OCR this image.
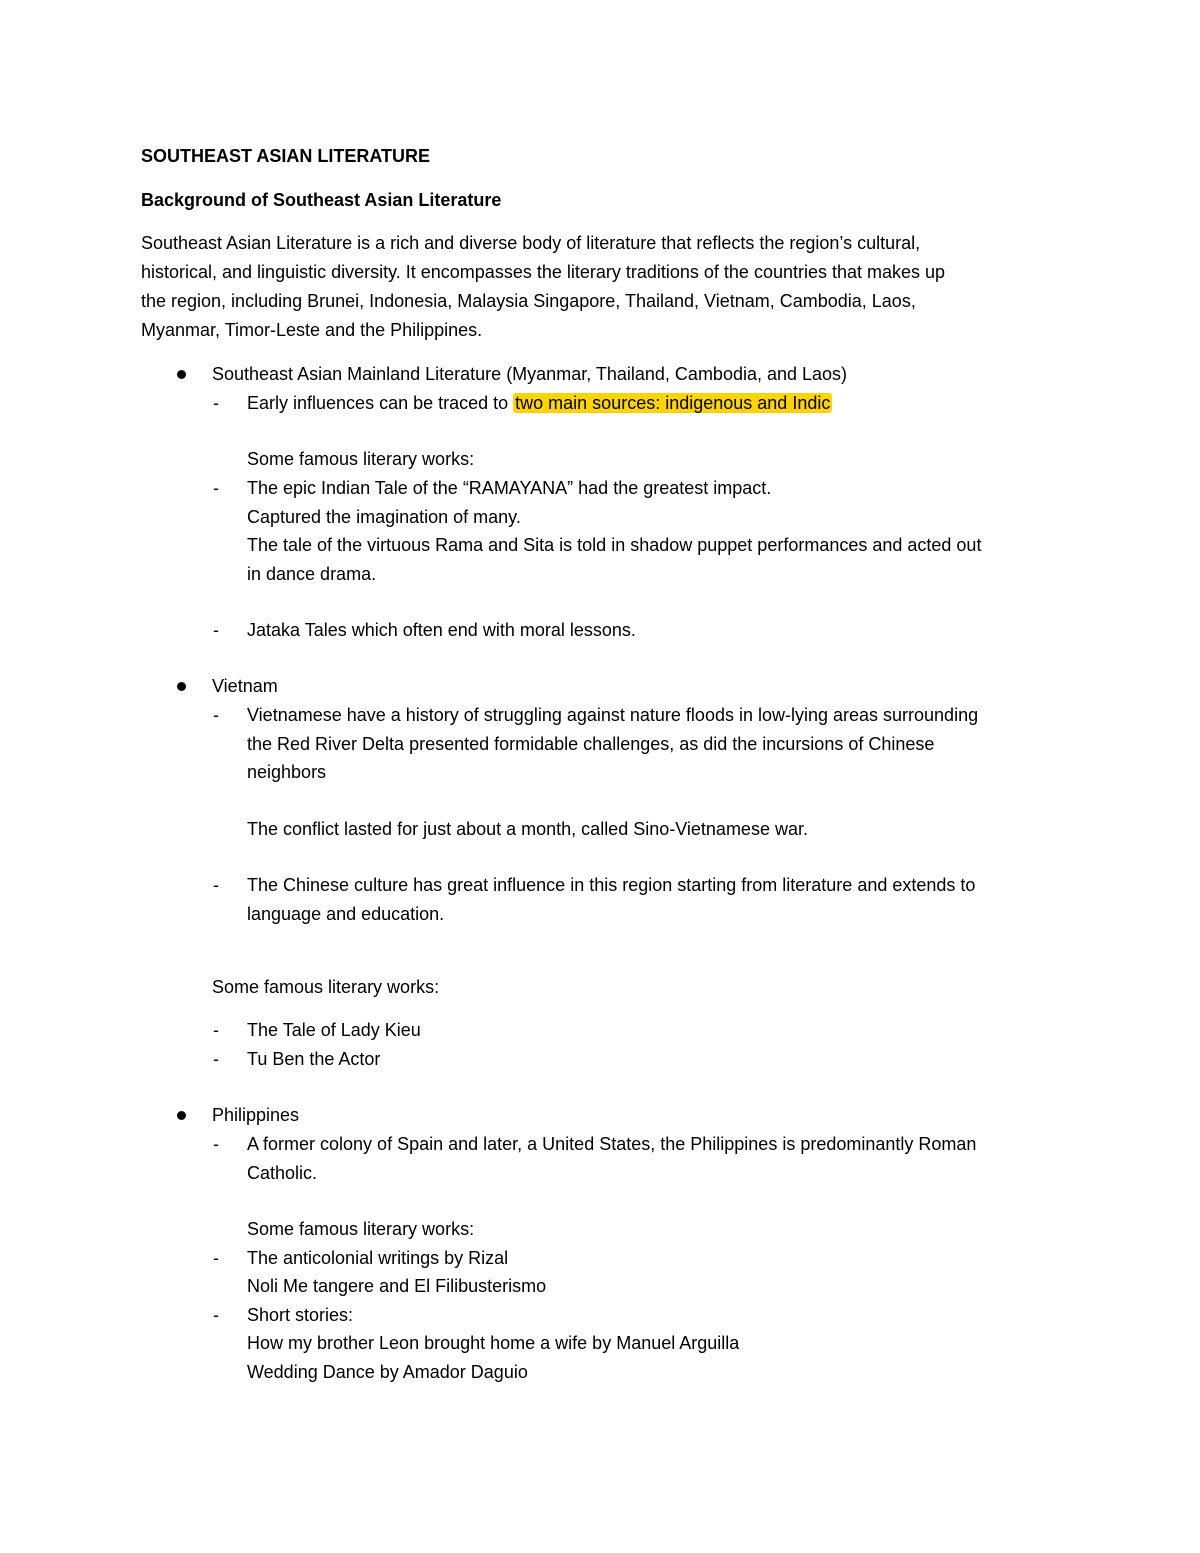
SOUTHEAST ASIAN LITERATURE
Background of Southeast Asian Literature
Southeast Asian Literature is a rich and diverse body of literature that reflects the region’s cultural,
historical, and linguistic diversity. It encompasses the literary traditions of the countries that makes up
the region, including Brunei, Indonesia, Malaysia Singapore, Thailand, Vietnam, Cambodia, Laos,
Myanmar, Timor-Leste and the Philippines.
Southeast Asian Mainland Literature (Myanmar, Thailand, Cambodia, and Laos)
- Early influences can be traced to two main sources: indigenous and Indic
Some famous literary works:
- The epic Indian Tale of the “RAMAYANA” had the greatest impact.
Captured the imagination of many.
The tale of the virtuous Rama and Sita is told in shadow puppet performances and acted out
in dance drama.
- Jataka Tales which often end with moral lessons.
Vietnam
- Vietnamese have a history of struggling against nature floods in low-lying areas surrounding
the Red River Delta presented formidable challenges, as did the incursions of Chinese
neighbors
The conflict lasted for just about a month, called Sino-Vietnamese war.
- The Chinese culture has great influence in this region starting from literature and extends to
language and education.
Some famous literary works:
- The Tale of Lady Kieu
- Tu Ben the Actor
Philippines
- A former colony of Spain and later, a United States, the Philippines is predominantly Roman
Catholic.
Some famous literary works:
- The anticolonial writings by Rizal
Noli Me tangere and El Filibusterismo
- Short stories:
How my brother Leon brought home a wife by Manuel Arguilla
Wedding Dance by Amador Daguio
